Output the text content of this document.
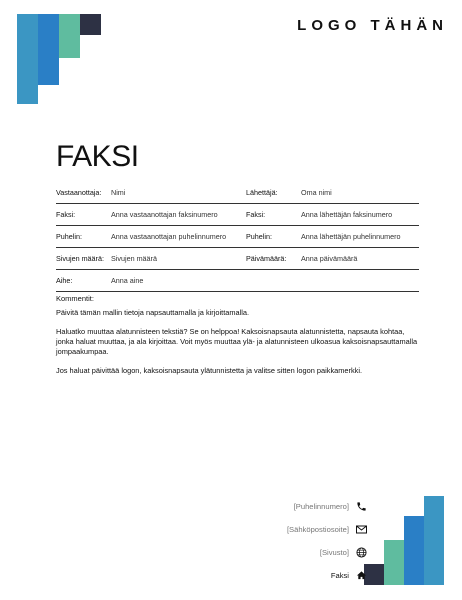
LOGO TÄHÄN
FAKSI
Vastaanottaja:	Nimi	Lähettäjä:	Oma nimi
Faksi:	Anna vastaanottajan faksinumero	Faksi:	Anna lähettäjän faksinumero
Puhelin:	Anna vastaanottajan puhelinnumero	Puhelin:	Anna lähettäjän puhelinnumero
Sivujen määrä: Sivujen määrä	Päivämäärä:	Anna päivämäärä
Aihe:	Anna aine
Kommentit:

Päivitä tämän mallin tietoja napsauttamalla ja kirjoittamalla.

Haluatko muuttaa alatunnisteen tekstiä? Se on helppoa! Kaksoisnapsauta alatunnistetta, napsauta kohtaa, jonka haluat muuttaa, ja ala kirjoittaa. Voit myös muuttaa ylä- ja alatunnisteen ulkoasua kaksoisnapsauttamalla jompaakumpaa.

Jos haluat päivittää logon, kaksoisnapsauta ylätunnistetta ja valitse sitten logon paikkamerkki.

[Puhelinnumero]
[Sähköpostiosoite]
[Sivusto]
Faksi
